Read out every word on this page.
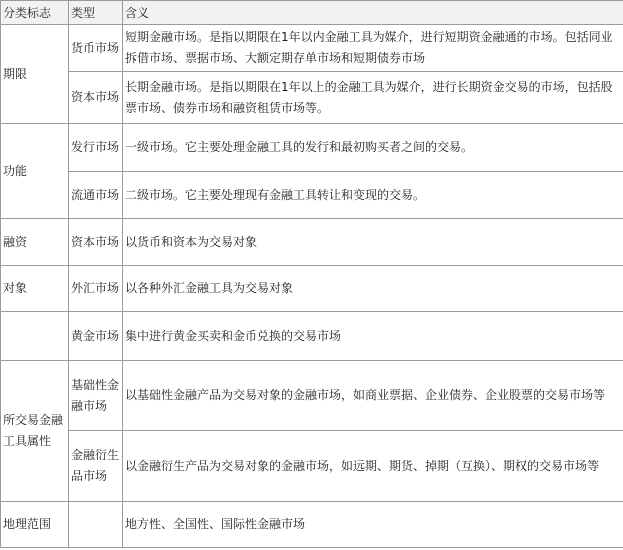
分类标志	类型	含义
期限	货币市场	短期金融市场。是指以期限在1年以内金融工具为媒介，进行短期资金融通的市场。包括同业拆借市场、票据市场、大额定期存单市场和短期债券市场
	资本市场	长期金融市场。是指以期限在1年以上的金融工具为媒介，进行长期资金交易的市场，包括股票市场、债券市场和融资租赁市场等。
功能	发行市场	一级市场。它主要处理金融工具的发行和最初购买者之间的交易。
	流通市场	二级市场。它主要处理现有金融工具转让和变现的交易。
融资	资本市场	以货币和资本为交易对象
对象	外汇市场	以各种外汇金融工具为交易对象
	黄金市场	集中进行黄金买卖和金币兑换的交易市场
所交易金融工具属性	基础性金融市场	以基础性金融产品为交易对象的金融市场，如商业票据、企业债券、企业股票的交易市场等
	金融衍生品市场	以金融衍生产品为交易对象的金融市场，如远期、期货、掉期（互换）、期权的交易市场等
地理范围		地方性、全国性、国际性金融市场
